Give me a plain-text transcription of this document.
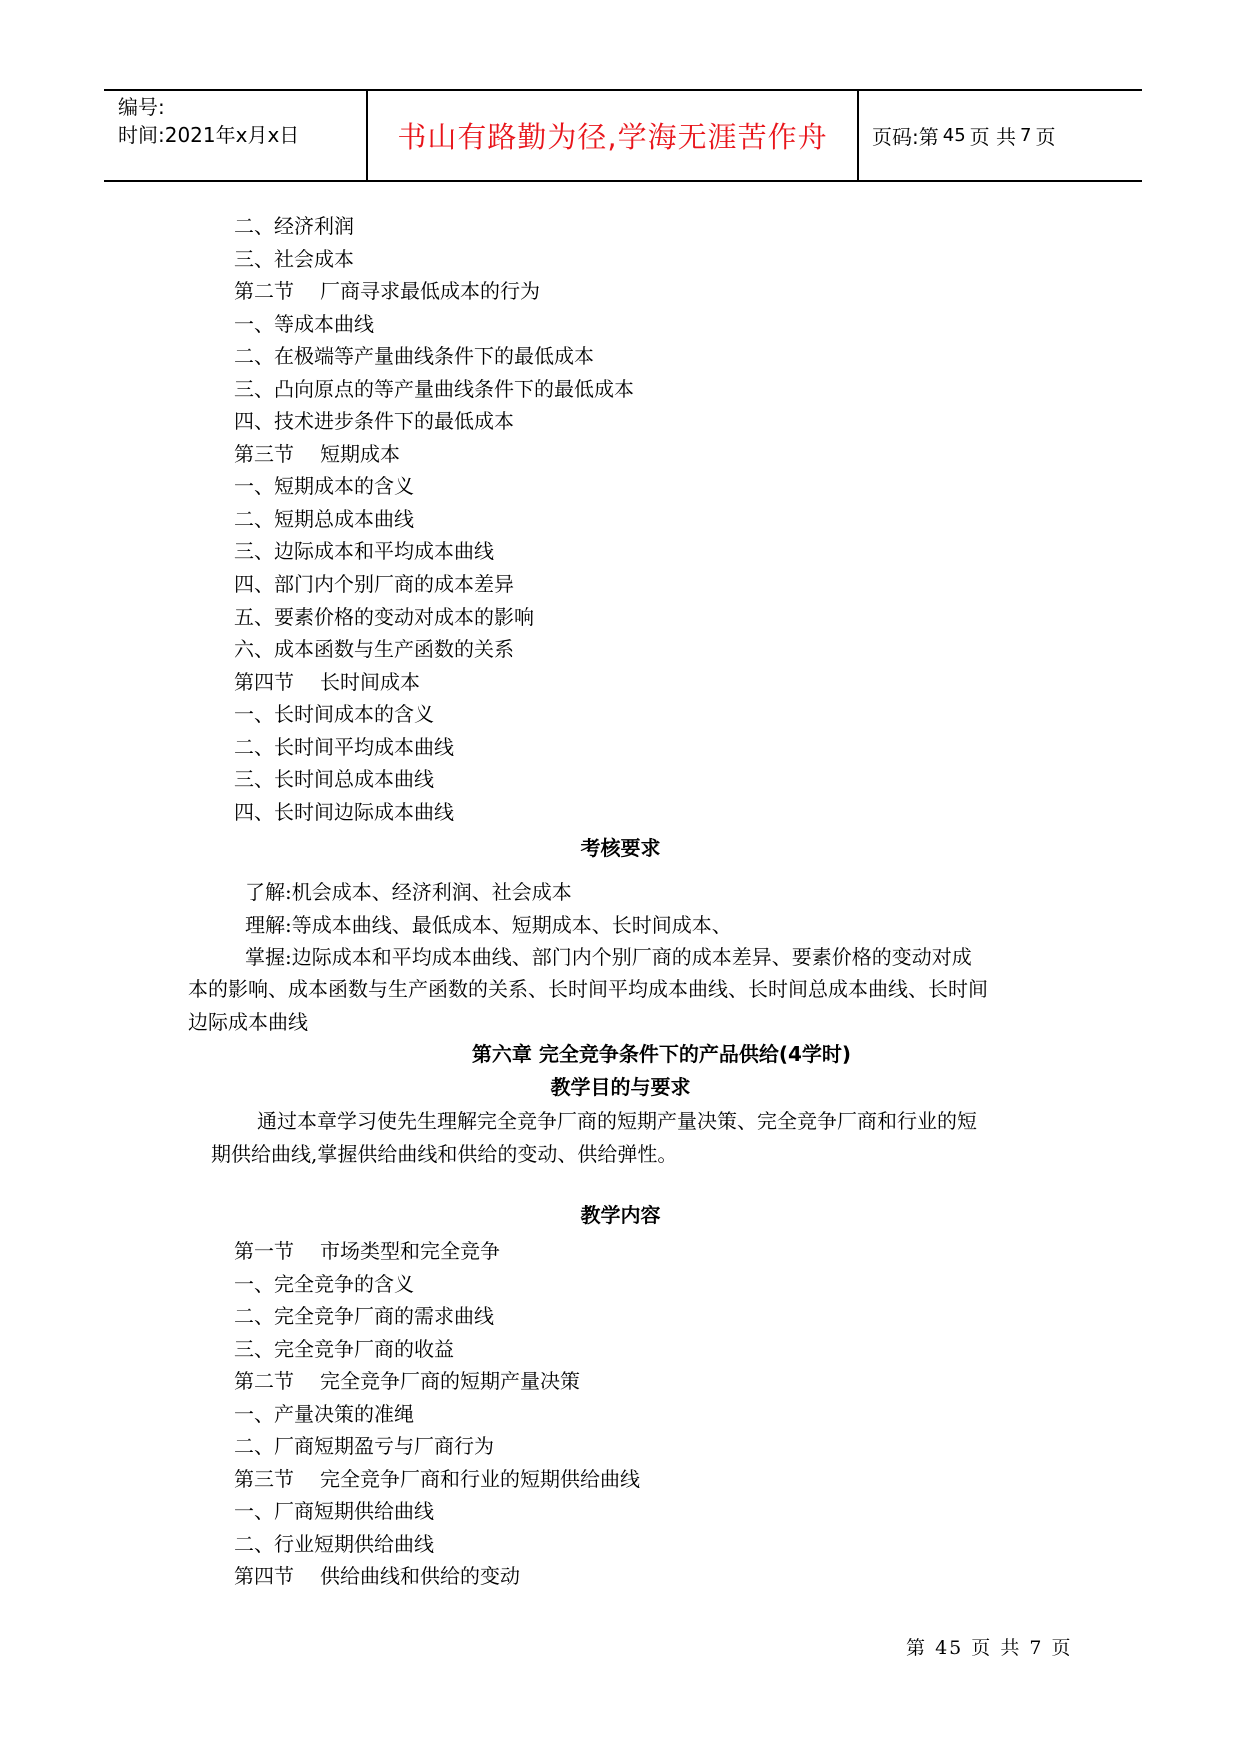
编号:
时间:2021年x月x日	书山有路勤为径,学海无涯苦作舟	页码:第 45 页 共 7 页
二、经济利润
三、社会成本
第二节 厂商寻求最低成本的行为
一、等成本曲线
二、在极端等产量曲线条件下的最低成本
三、凸向原点的等产量曲线条件下的最低成本
四、技术进步条件下的最低成本
第三节 短期成本
一、短期成本的含义
二、短期总成本曲线
三、边际成本和平均成本曲线
四、部门内个别厂商的成本差异
五、要素价格的变动对成本的影响
六、成本函数与生产函数的关系
第四节 长时间成本
一、长时间成本的含义
二、长时间平均成本曲线
三、长时间总成本曲线
四、长时间边际成本曲线
考核要求
了解:机会成本、经济利润、社会成本
理解:等成本曲线、最低成本、短期成本、长时间成本、
掌握:边际成本和平均成本曲线、部门内个别厂商的成本差异、要素价格的变动对成
本的影响、成本函数与生产函数的关系、长时间平均成本曲线、长时间总成本曲线、长时间
边际成本曲线
第六章 完全竞争条件下的产品供给(4学时)
教学目的与要求
通过本章学习使先生理解完全竞争厂商的短期产量决策、完全竞争厂商和行业的短
期供给曲线,掌握供给曲线和供给的变动、供给弹性。
教学内容
第一节 市场类型和完全竞争
一、完全竞争的含义
二、完全竞争厂商的需求曲线
三、完全竞争厂商的收益
第二节 完全竞争厂商的短期产量决策
一、产量决策的准绳
二、厂商短期盈亏与厂商行为
第三节 完全竞争厂商和行业的短期供给曲线
一、厂商短期供给曲线
二、行业短期供给曲线
第四节 供给曲线和供给的变动
第 45 页 共 7 页
